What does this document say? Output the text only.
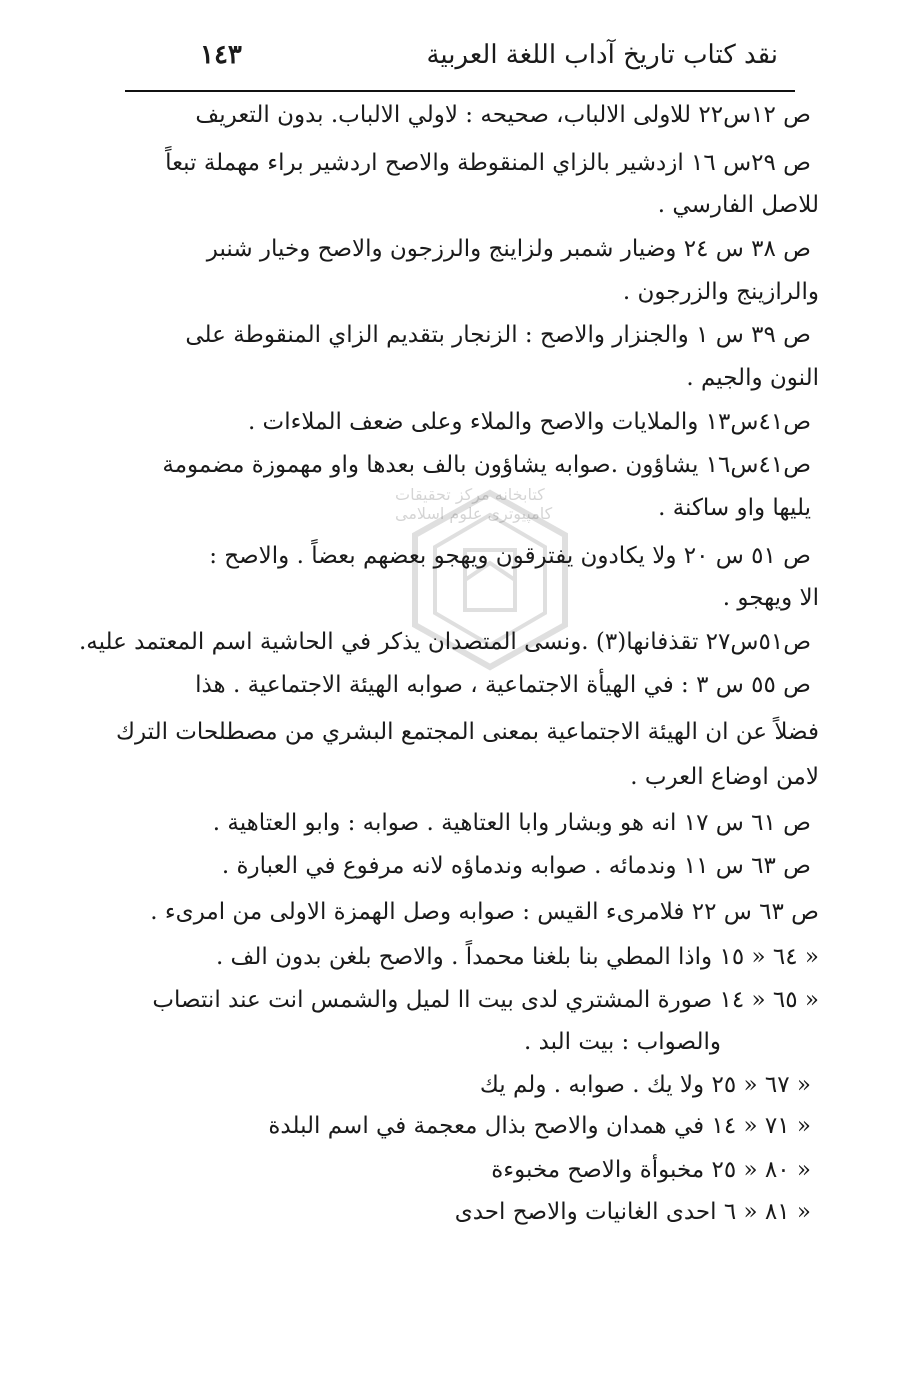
نقد كتاب تاريخ آداب اللغة العربية
١٤٣
كتابخانه مركز تحقيقات كامپيوتری علوم اسلامی
ص ١٢س٢٢ للاولى الالباب، صحيحه : لاولي الالباب. بدون التعريف
ص ٢٩س ١٦ ازدشير بالزاي المنقوطة والاصح اردشير براء مهملة تبعاً
للاصل الفارسي .
ص ٣٨ س ٢٤ وضيار شمبر ولزاينج والرزجون والاصح وخيار شنبر
والرازينج والزرجون .
ص ٣٩ س ١ والجنزار والاصح : الزنجار بتقديم الزاي المنقوطة على
النون والجيم .
ص٤١س١٣ والملايات والاصح والملاء وعلى ضعف الملاءات .
ص٤١س١٦ يشاؤون .صوابه يشاؤون بالف بعدها واو مهموزة مضمومة
يليها واو ساكنة .
ص ٥١ س ٢٠ ولا يكادون يفترقون ويهجو بعضهم بعضاً . والاصح :
الا ويهجو .
ص٥١س٢٧ تقذفانها(٣) .ونسى المتصدان يذكر في الحاشية اسم المعتمد عليه.
ص ٥٥ س ٣ : في الهيأة الاجتماعية ، صوابه الهيئة الاجتماعية . هذا
فضلاً عن ان الهيئة الاجتماعية بمعنى المجتمع البشري من مصطلحات الترك
لامن اوضاع العرب .
ص ٦١ س ١٧ انه هو وبشار وابا العتاهية . صوابه : وابو العتاهية .
ص ٦٣ س ١١ وندمائه . صوابه وندماؤه لانه مرفوع في العبارة .
ص ٦٣ س ٢٢ فلامرىء القيس : صوابه وصل الهمزة الاولى من امرىء .
« ٦٤ « ١٥ واذا المطي بنا بلغنا محمداً . والاصح بلغن بدون الف .
« ٦٥ « ١٤ صورة المشتري لدى بيت اا لميل والشمس انت عند انتصاب
والصواب : بيت البد .
« ٦٧ « ٢٥ ولا يك . صوابه . ولم يك
« ٧١ « ١٤ في همدان والاصح بذال معجمة في اسم البلدة
« ٨٠ « ٢٥ مخبوأة والاصح مخبوءة
« ٨١ « ٦ احدى الغانيات والاصح احدى
